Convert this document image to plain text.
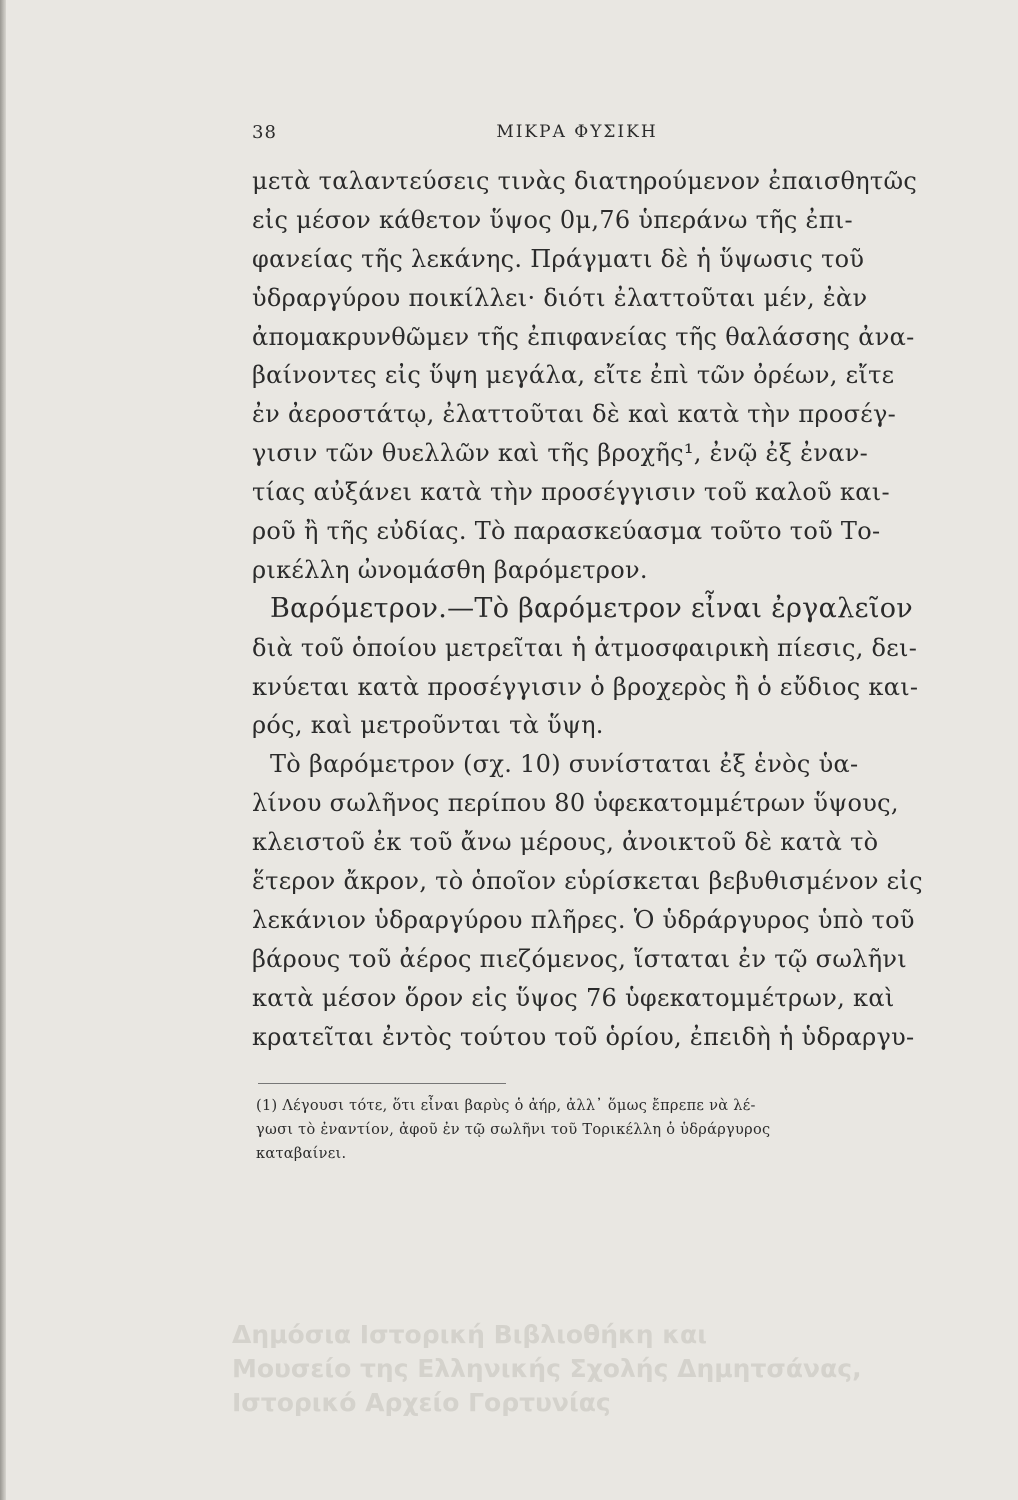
38	ΜΙΚΡΑ ΦΥΣΙΚΗ
μετὰ ταλαντεύσεις τινὰς διατηρούμενον ἐπαισθητῶς
εἰς μέσον κάθετον ὕψος 0μ,76 ὑπεράνω τῆς ἐπι-
φανείας τῆς λεκάνης. Πράγματι δὲ ἡ ὕψωσις τοῦ
ὑδραργύρου ποικίλλει· διότι ἐλαττοῦται μέν, ἐὰν
ἀπομακρυνθῶμεν τῆς ἐπιφανείας τῆς θαλάσσης ἀνα-
βαίνοντες εἰς ὕψη μεγάλα, εἴτε ἐπὶ τῶν ὀρέων, εἴτε
ἐν ἀεροστάτῳ, ἐλαττοῦται δὲ καὶ κατὰ τὴν προσέγ-
γισιν τῶν θυελλῶν καὶ τῆς βροχῆς¹, ἐνῷ ἐξ ἐναν-
τίας αὐξάνει κατὰ τὴν προσέγγισιν τοῦ καλοῦ και-
ροῦ ἢ τῆς εὐδίας. Τὸ παρασκεύασμα τοῦτο τοῦ Το-
ρικέλλη ὠνομάσθη βαρόμετρον.
Βαρόμετρον.—Τὸ βαρόμετρον εἶναι ἐργαλεῖον
διὰ τοῦ ὁποίου μετρεῖται ἡ ἀτμοσφαιρικὴ πίεσις, δει-
κνύεται κατὰ προσέγγισιν ὁ βροχερὸς ἢ ὁ εὔδιος και-
ρός, καὶ μετροῦνται τὰ ὕψη.
Τὸ βαρόμετρον (σχ. 10) συνίσταται ἐξ ἑνὸς ὑα-
λίνου σωλῆνος περίπου 80 ὑφεκατομμέτρων ὕψους,
κλειστοῦ ἐκ τοῦ ἄνω μέρους, ἀνοικτοῦ δὲ κατὰ τὸ
ἕτερον ἄκρον, τὸ ὁποῖον εὑρίσκεται βεβυθισμένον εἰς
λεκάνιον ὑδραργύρου πλῆρες. Ὁ ὑδράργυρος ὑπὸ τοῦ
βάρους τοῦ ἀέρος πιεζόμενος, ἵσταται ἐν τῷ σωλῆνι
κατὰ μέσον ὅρον εἰς ὕψος 76 ὑφεκατομμέτρων, καὶ
κρατεῖται ἐντὸς τούτου τοῦ ὁρίου, ἐπειδὴ ἡ ὑδραργυ-
(1) Λέγουσι τότε, ὅτι εἶναι βαρὺς ὁ ἀήρ, ἀλλ᾽ ὅμως ἔπρεπε νὰ λέ-
γωσι τὸ ἐναντίον, ἀφοῦ ἐν τῷ σωλῆνι τοῦ Τορικέλλη ὁ ὑδράργυρος
καταβαίνει.
Δημόσια Ιστορική Βιβλιοθήκη και
Μουσείο της Ελληνικής Σχολής Δημητσάνας,
Ιστορικό Αρχείο Γορτυνίας
